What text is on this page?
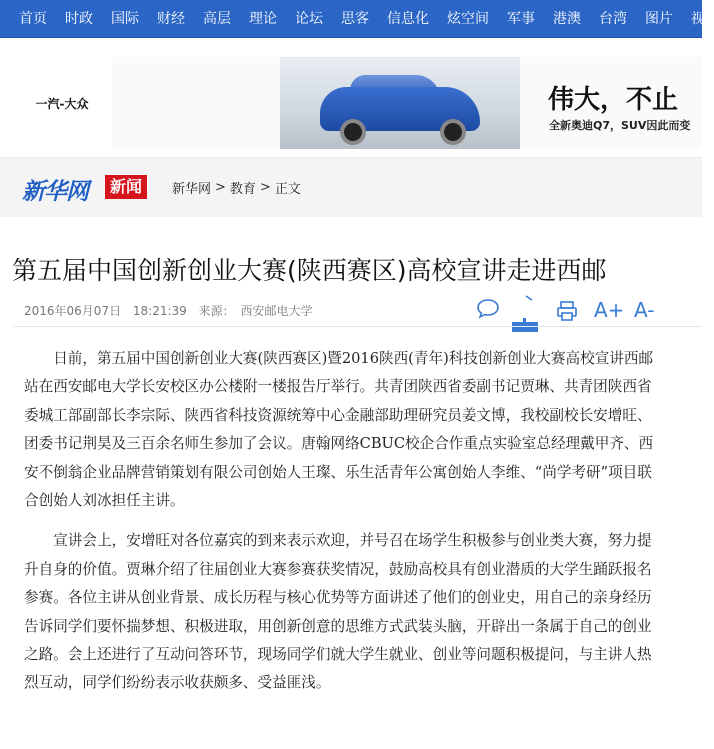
首页	时政	国际	财经	高层	理论	论坛	思客	信息化	炫空间	军事	港澳	台湾	图片	视
一汽-大众	伟大，不止
全新奥迪Q7，SUV因此而变
新华网	新闻	新华网 > 教育 > 正文
第五届中国创新创业大赛(陕西赛区)高校宣讲走进西邮
2016年06月07日 18:21:39 来源： 西安邮电大学	A+ A-

日前，第五届中国创新创业大赛(陕西赛区)暨2016陕西(青年)科技创新创业大赛高校宣讲西邮站在西安邮电大学长安校区办公楼附一楼报告厅举行。共青团陕西省委副书记贾琳、共青团陕西省委城工部副部长李宗际、陕西省科技资源统筹中心金融部助理研究员姜文博，我校副校长安增旺、团委书记荆昊及三百余名师生参加了会议。唐翰网络CBUC校企合作重点实验室总经理戴甲齐、西安不倒翁企业品牌营销策划有限公司创始人王璨、乐生活青年公寓创始人李维、“尚学考研”项目联合创始人刘冰担任主讲。

宣讲会上，安增旺对各位嘉宾的到来表示欢迎，并号召在场学生积极参与创业类大赛，努力提升自身的价值。贾琳介绍了往届创业大赛参赛获奖情况，鼓励高校具有创业潜质的大学生踊跃报名参赛。各位主讲从创业背景、成长历程与核心优势等方面讲述了他们的创业史，用自己的亲身经历告诉同学们要怀揣梦想、积极进取，用创新创意的思维方式武装头脑，开辟出一条属于自己的创业之路。会上还进行了互动问答环节，现场同学们就大学生就业、创业等问题积极提问，与主讲人热烈互动，同学们纷纷表示收获颇多、受益匪浅。
